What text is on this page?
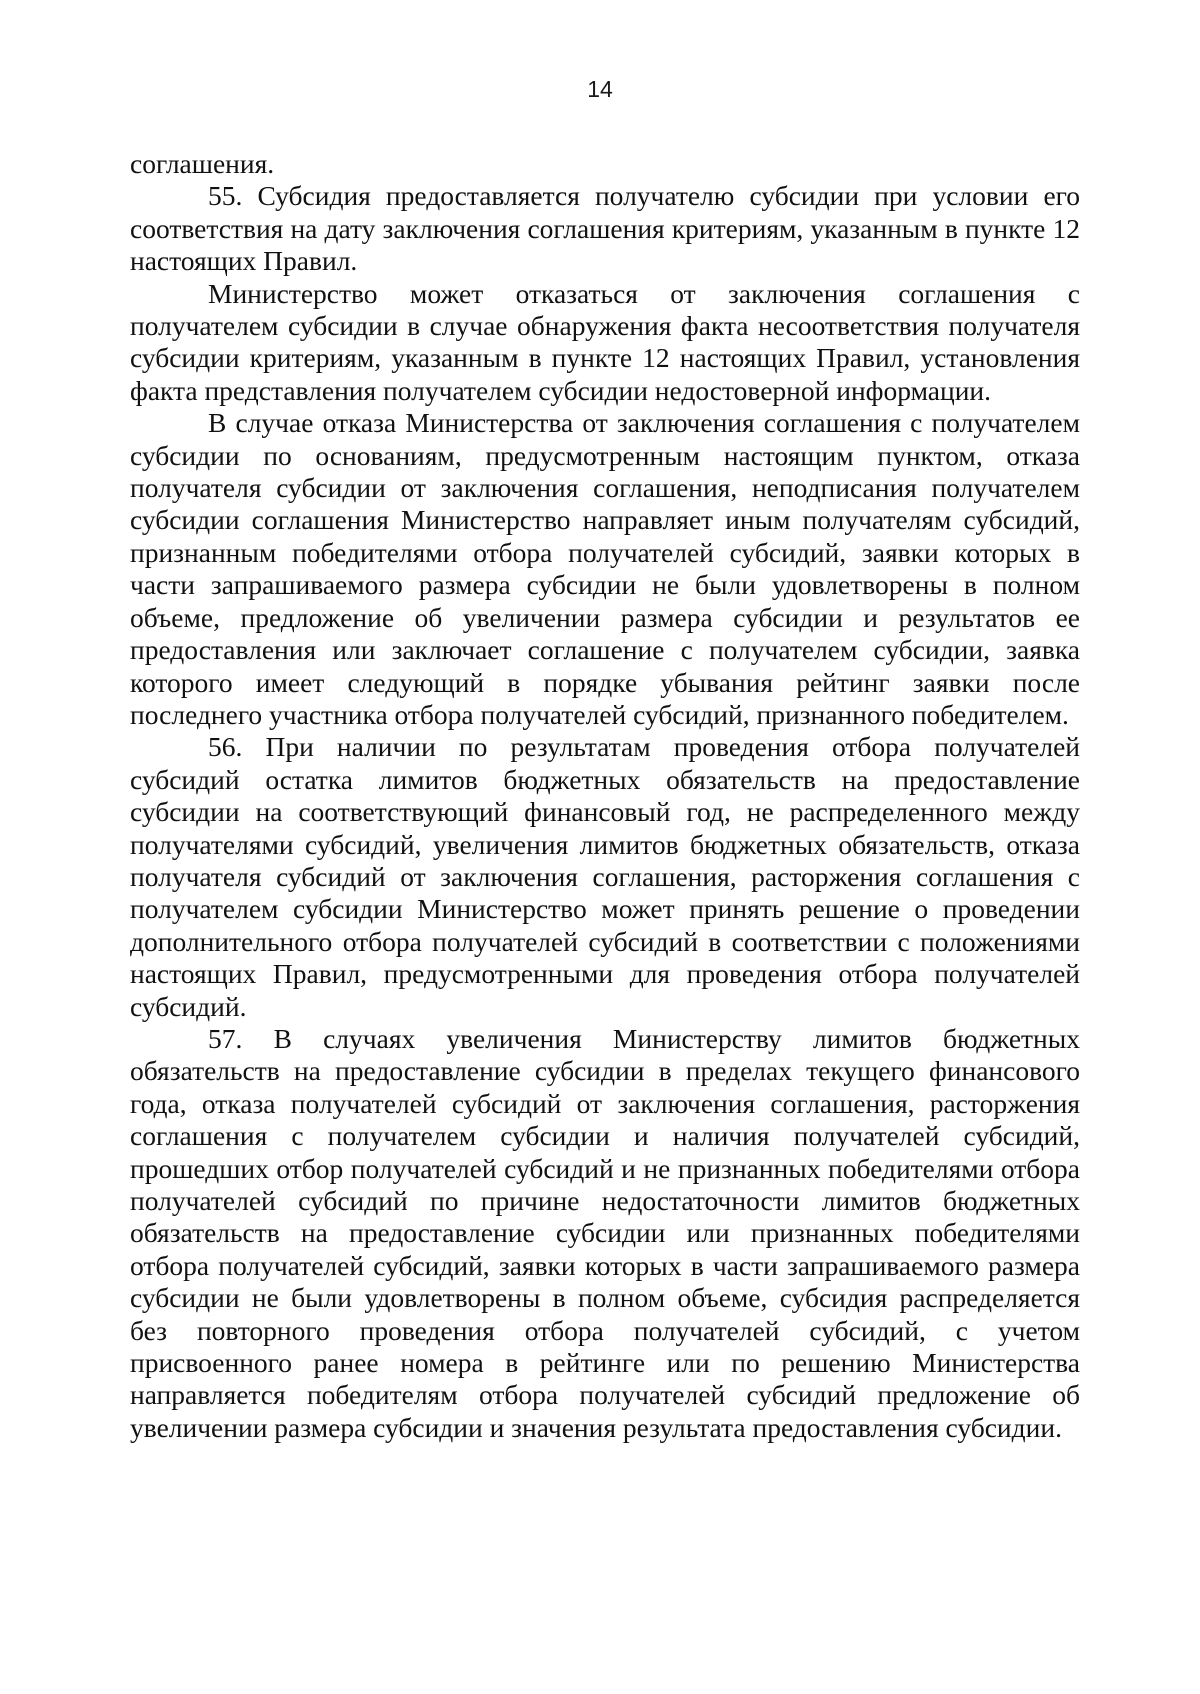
14

соглашения.

55. Субсидия предоставляется получателю субсидии при условии его соответствия на дату заключения соглашения критериям, указанным в пункте 12 настоящих Правил.

Министерство может отказаться от заключения соглашения с получателем субсидии в случае обнаружения факта несоответствия получателя субсидии критериям, указанным в пункте 12 настоящих Правил, установления факта представления получателем субсидии недостоверной информации.

В случае отказа Министерства от заключения соглашения с получателем субсидии по основаниям, предусмотренным настоящим пунктом, отказа получателя субсидии от заключения соглашения, неподписания получателем субсидии соглашения Министерство направляет иным получателям субсидий, признанным победителями отбора получателей субсидий, заявки которых в части запрашиваемого размера субсидии не были удовлетворены в полном объеме, предложение об увеличении размера субсидии и результатов ее предоставления или заключает соглашение с получателем субсидии, заявка которого имеет следующий в порядке убывания рейтинг заявки после последнего участника отбора получателей субсидий, признанного победителем.

56. При наличии по результатам проведения отбора получателей субсидий остатка лимитов бюджетных обязательств на предоставление субсидии на соответствующий финансовый год, не распределенного между получателями субсидий, увеличения лимитов бюджетных обязательств, отказа получателя субсидий от заключения соглашения, расторжения соглашения с получателем субсидии Министерство может принять решение о проведении дополнительного отбора получателей субсидий в соответствии с положениями настоящих Правил, предусмотренными для проведения отбора получателей субсидий.

57. В случаях увеличения Министерству лимитов бюджетных обязательств на предоставление субсидии в пределах текущего финансового года, отказа получателей субсидий от заключения соглашения, расторжения соглашения с получателем субсидии и наличия получателей субсидий, прошедших отбор получателей субсидий и не признанных победителями отбора получателей субсидий по причине недостаточности лимитов бюджетных обязательств на предоставление субсидии или признанных победителями отбора получателей субсидий, заявки которых в части запрашиваемого размера субсидии не были удовлетворены в полном объеме, субсидия распределяется без повторного проведения отбора получателей субсидий, с учетом присвоенного ранее номера в рейтинге или по решению Министерства направляется победителям отбора получателей субсидий предложение об увеличении размера субсидии и значения результата предоставления субсидии.
